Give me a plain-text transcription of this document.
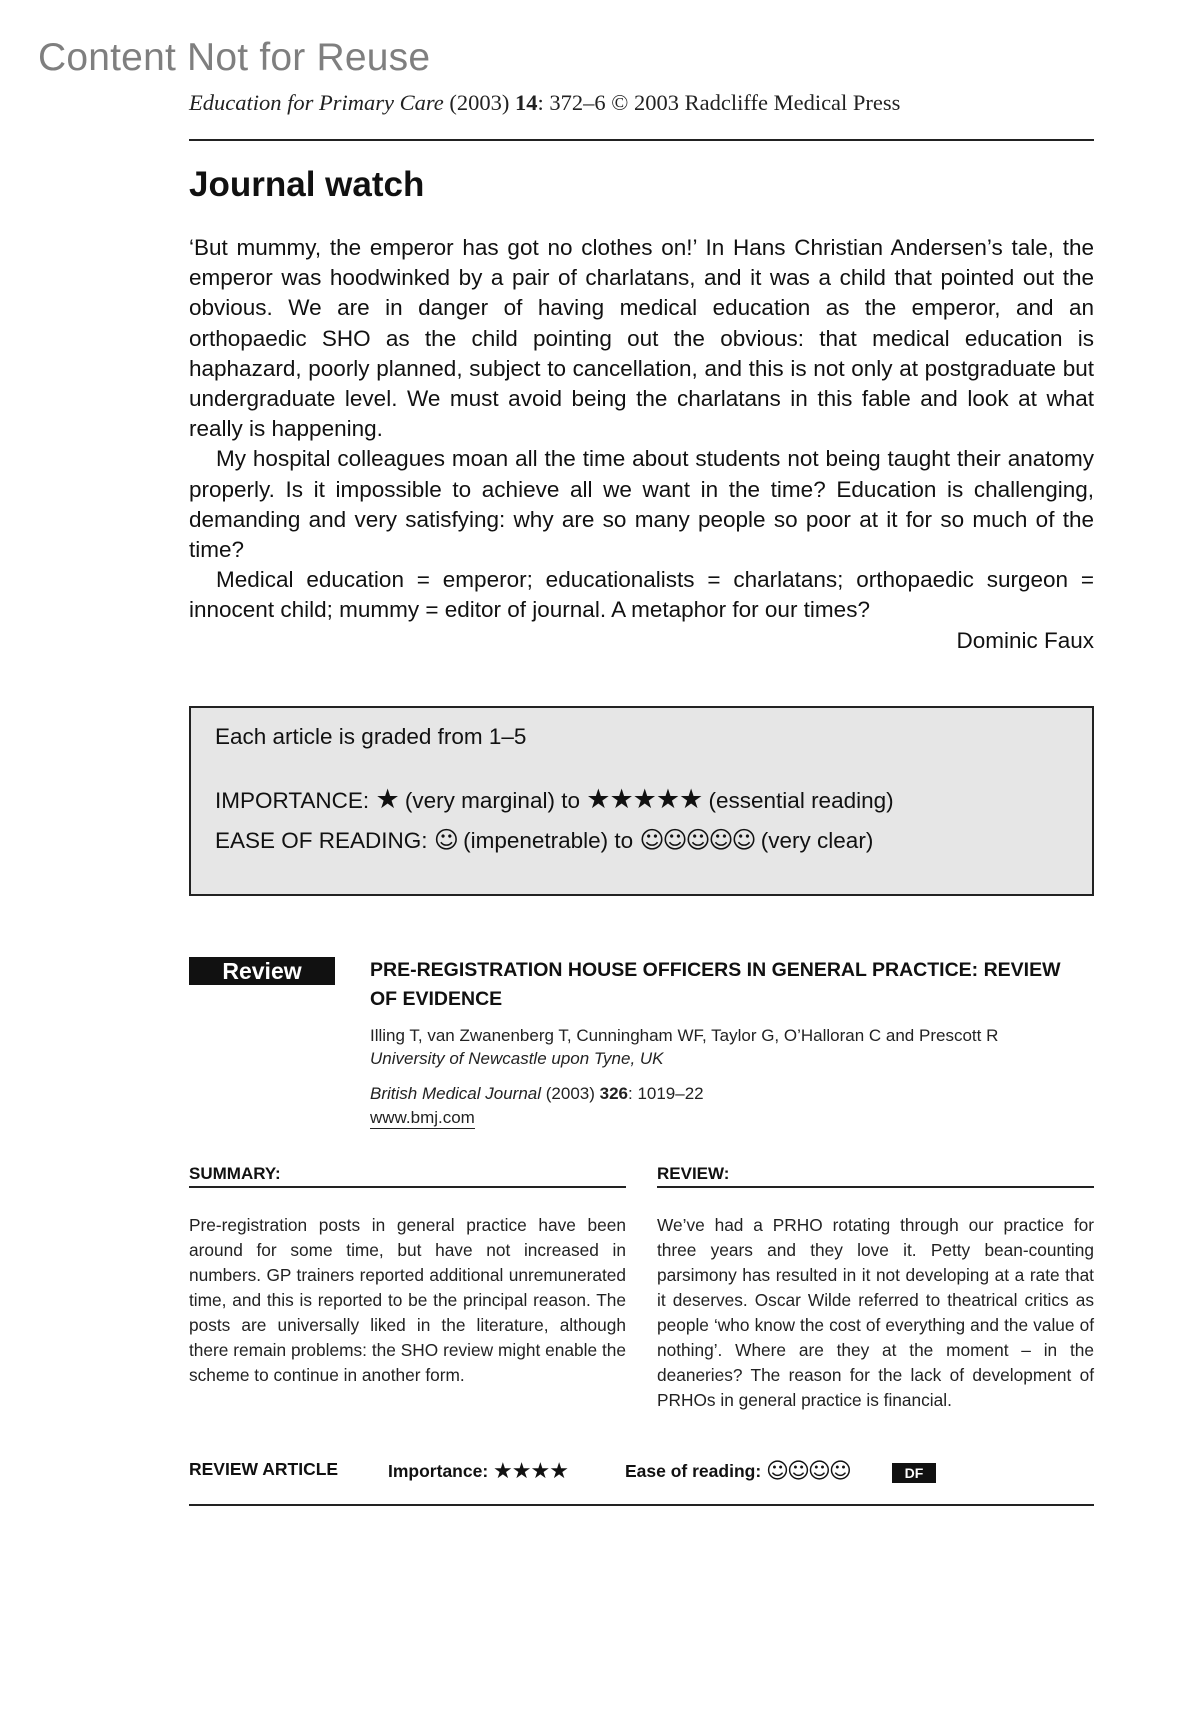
Content Not for Reuse
Education for Primary Care (2003) 14: 372–6 © 2003 Radcliffe Medical Press
Journal watch

‘But mummy, the emperor has got no clothes on!’ In Hans Christian Andersen’s tale, the emperor was hoodwinked by a pair of charlatans, and it was a child that pointed out the obvious. We are in danger of having medical education as the emperor, and an orthopaedic SHO as the child pointing out the obvious: that medical education is haphazard, poorly planned, subject to cancellation, and this is not only at postgraduate but undergraduate level. We must avoid being the charlatans in this fable and look at what really is happening.

My hospital colleagues moan all the time about students not being taught their anatomy properly. Is it impossible to achieve all we want in the time? Education is challenging, demanding and very satisfying: why are so many people so poor at it for so much of the time?

Medical education = emperor; educationalists = charlatans; orthopaedic surgeon = innocent child; mummy = editor of journal. A metaphor for our times?

Dominic Faux

Each article is graded from 1–5
IMPORTANCE: ★ (very marginal) to ★★★★★ (essential reading)
EASE OF READING: ☺ (impenetrable) to ☺☺☺☺☺ (very clear)
Review	PRE-REGISTRATION HOUSE OFFICERS IN GENERAL PRACTICE: REVIEW OF EVIDENCE
Illing T, van Zwanenberg T, Cunningham WF, Taylor G, O’Halloran C and Prescott R
University of Newcastle upon Tyne, UK
British Medical Journal (2003) 326: 1019–22
www.bmj.com
SUMMARY:	REVIEW:

Pre-registration posts in general practice have been around for some time, but have not increased in numbers. GP trainers reported additional unremunerated time, and this is reported to be the principal reason. The posts are universally liked in the literature, although there remain problems: the SHO review might enable the scheme to continue in another form.

We’ve had a PRHO rotating through our practice for three years and they love it. Petty bean-counting parsimony has resulted in it not developing at a rate that it deserves. Oscar Wilde referred to theatrical critics as people ‘who know the cost of everything and the value of nothing’. Where are they at the moment – in the deaneries? The reason for the lack of development of PRHOs in general practice is financial.

REVIEW ARTICLE	Importance: ★★★★	Ease of reading: ☺☺☺☺	DF
